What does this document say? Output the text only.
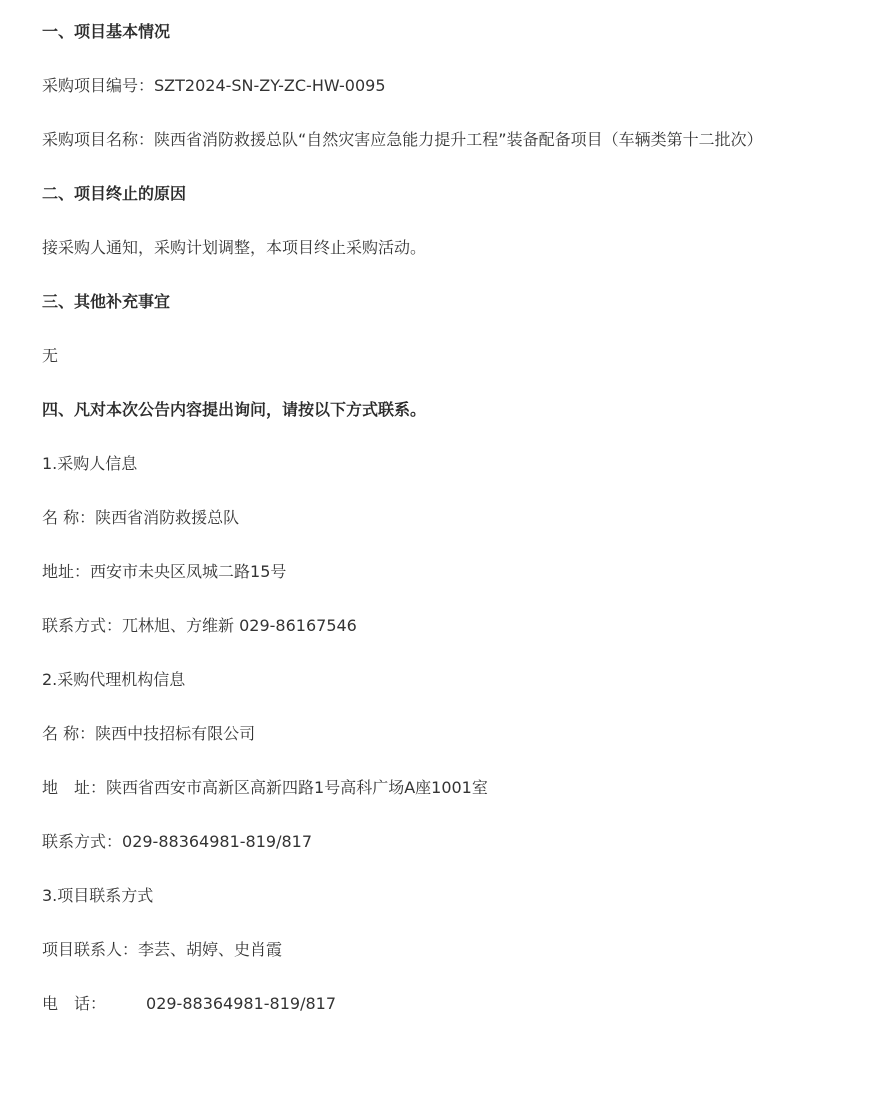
一、项目基本情况
采购项目编号：SZT2024-SN-ZY-ZC-HW-0095
采购项目名称：陕西省消防救援总队“自然灾害应急能力提升工程”装备配备项目（车辆类第十二批次）
二、项目终止的原因
接采购人通知，采购计划调整，本项目终止采购活动。
三、其他补充事宜
无
四、凡对本次公告内容提出询问，请按以下方式联系。
1.采购人信息
名 称：陕西省消防救援总队
地址：西安市未央区凤城二路15号
联系方式：兀林旭、方维新 029-86167546
2.采购代理机构信息
名 称：陕西中技招标有限公司
地　址：陕西省西安市高新区高新四路1号高科广场A座1001室
联系方式：029-88364981-819/817
3.项目联系方式
项目联系人：李芸、胡婷、史肖霞
电　话：	029-88364981-819/817
